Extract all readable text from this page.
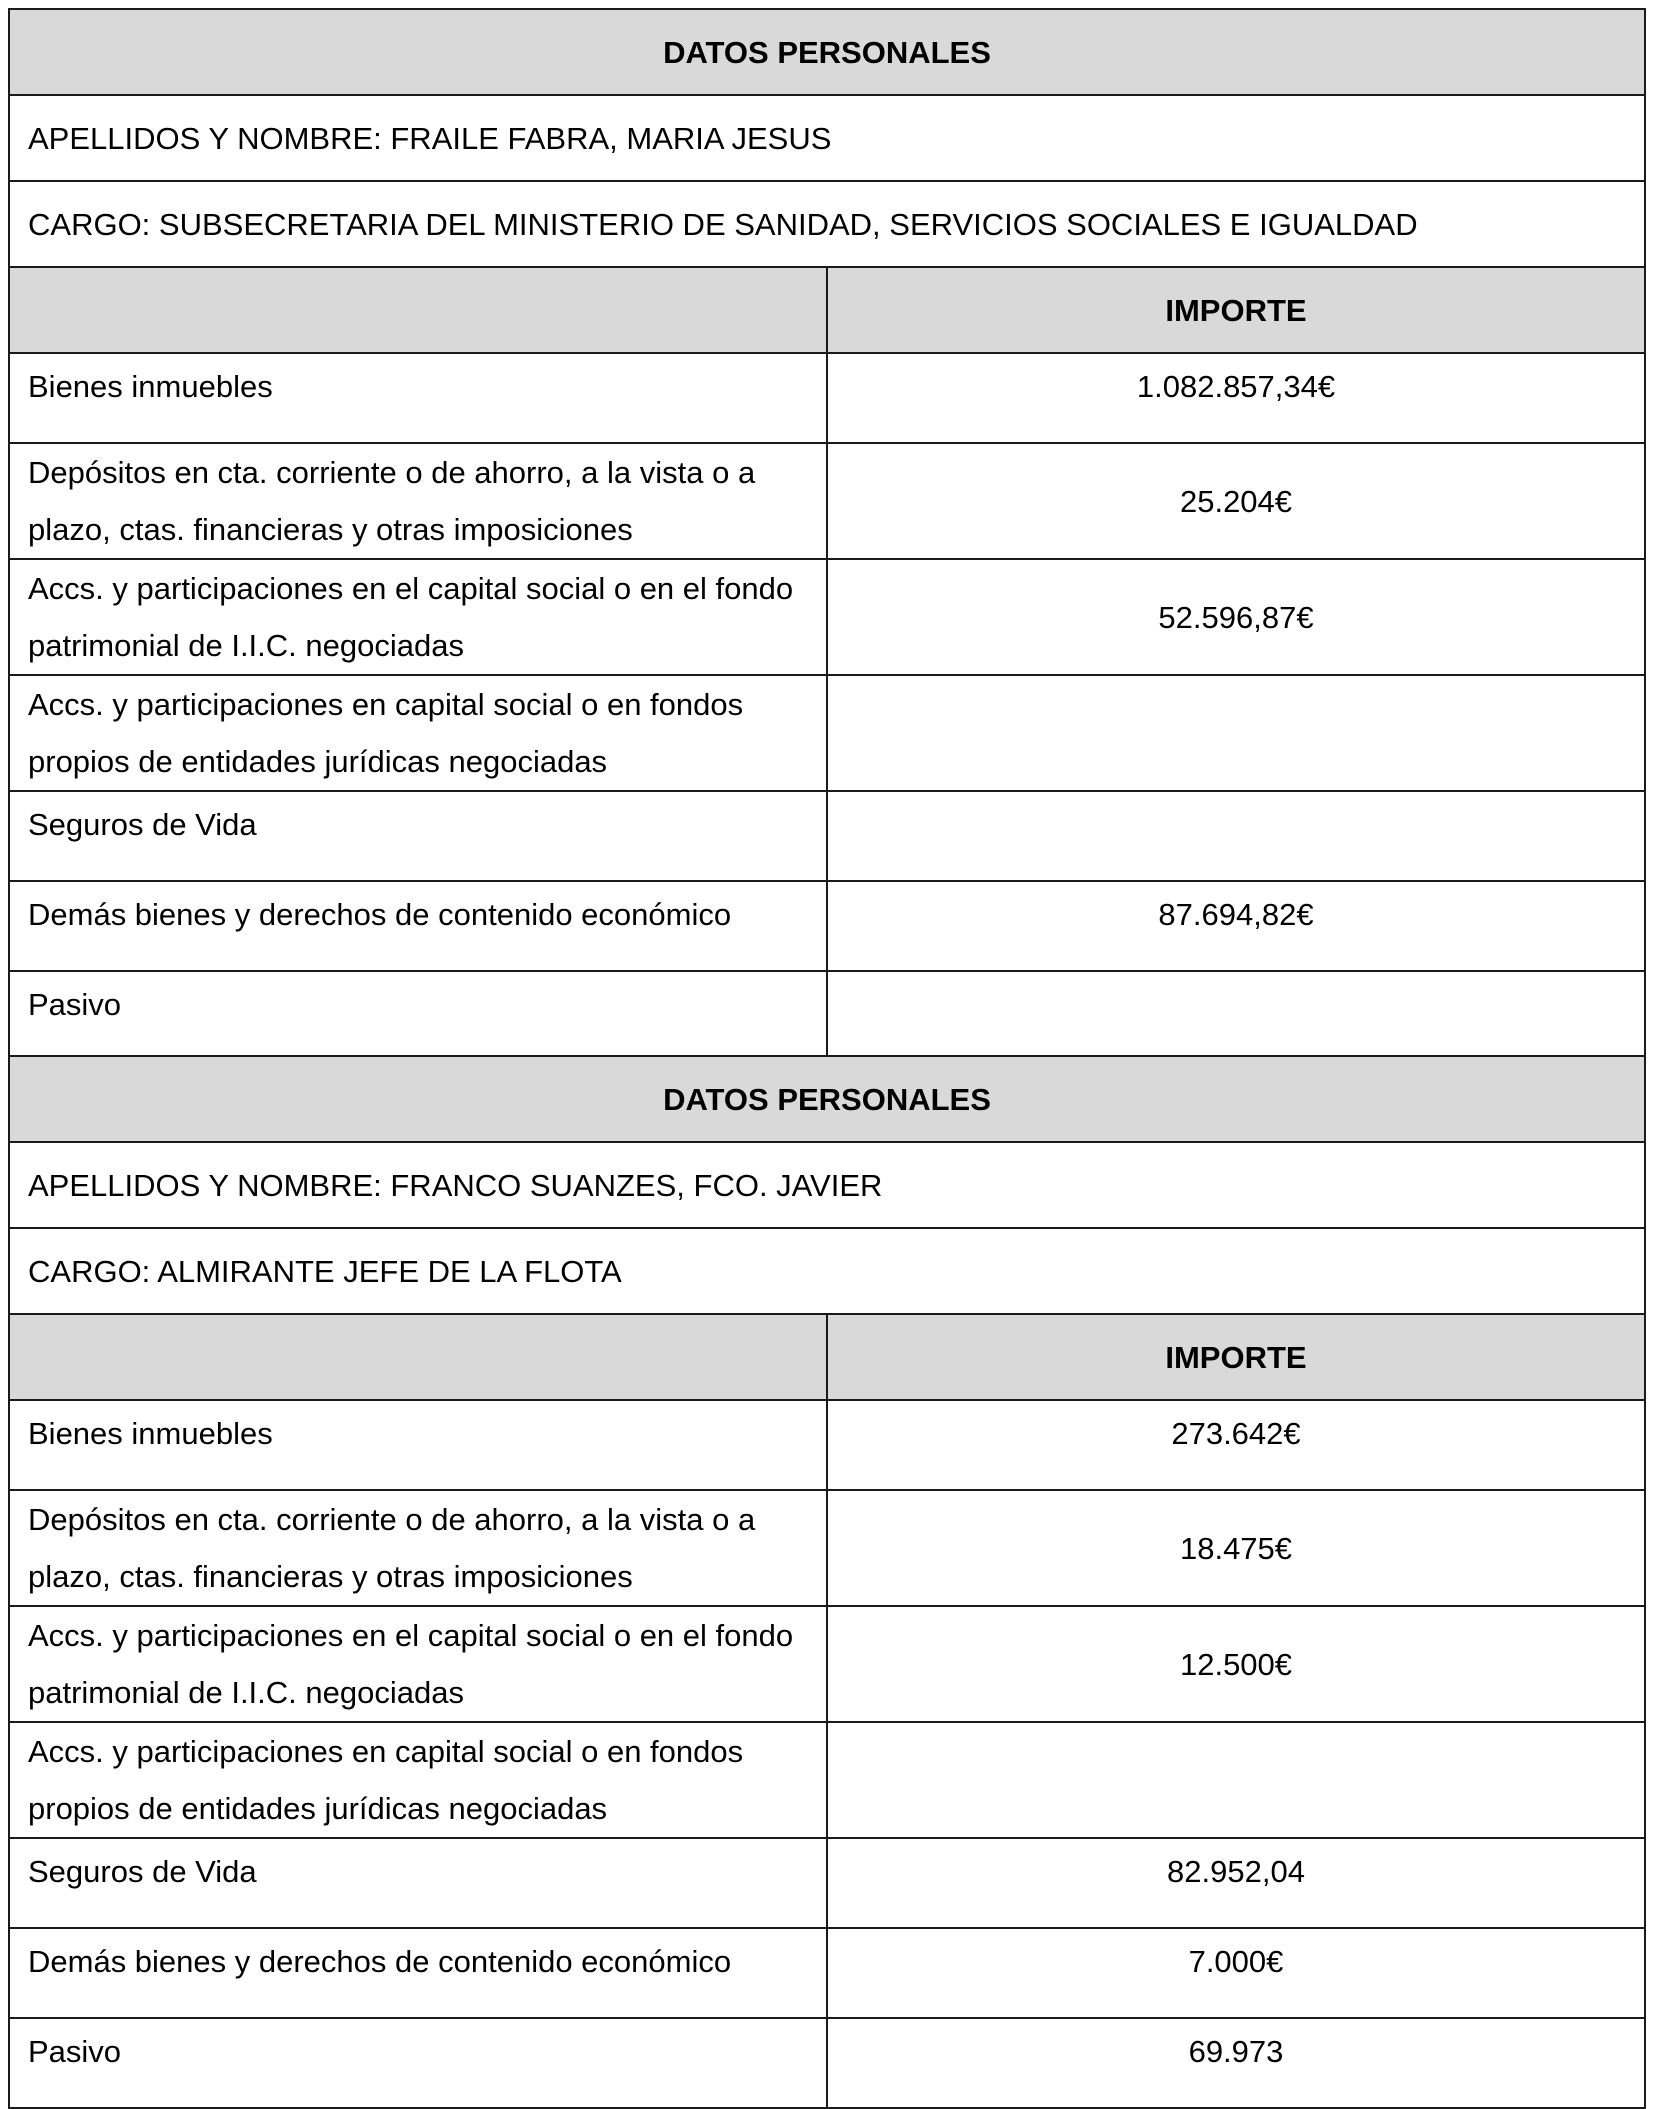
DATOS PERSONALES	
APELLIDOS Y NOMBRE: FRAILE FABRA, MARIA JESUS	
CARGO: SUBSECRETARIA DEL MINISTERIO DE SANIDAD, SERVICIOS SOCIALES E IGUALDAD	
	IMPORTE
Bienes inmuebles	1.082.857,34€
Depósitos en cta. corriente o de ahorro, a la vista o a plazo, ctas. financieras y otras imposiciones	25.204€
Accs. y participaciones en el capital social o en el fondo patrimonial de I.I.C. negociadas	52.596,87€
Accs. y participaciones en capital social o en fondos propios de entidades jurídicas negociadas	
Seguros de Vida	
Demás bienes y derechos de contenido económico	87.694,82€
Pasivo	
DATOS PERSONALES	
APELLIDOS Y NOMBRE: FRANCO SUANZES, FCO. JAVIER	
CARGO: ALMIRANTE JEFE DE LA FLOTA	
	IMPORTE
Bienes inmuebles	273.642€
Depósitos en cta. corriente o de ahorro, a la vista o a plazo, ctas. financieras y otras imposiciones	18.475€
Accs. y participaciones en el capital social o en el fondo patrimonial de I.I.C. negociadas	12.500€
Accs. y participaciones en capital social o en fondos propios de entidades jurídicas negociadas	
Seguros de Vida	82.952,04
Demás bienes y derechos de contenido económico	7.000€
Pasivo	69.973
